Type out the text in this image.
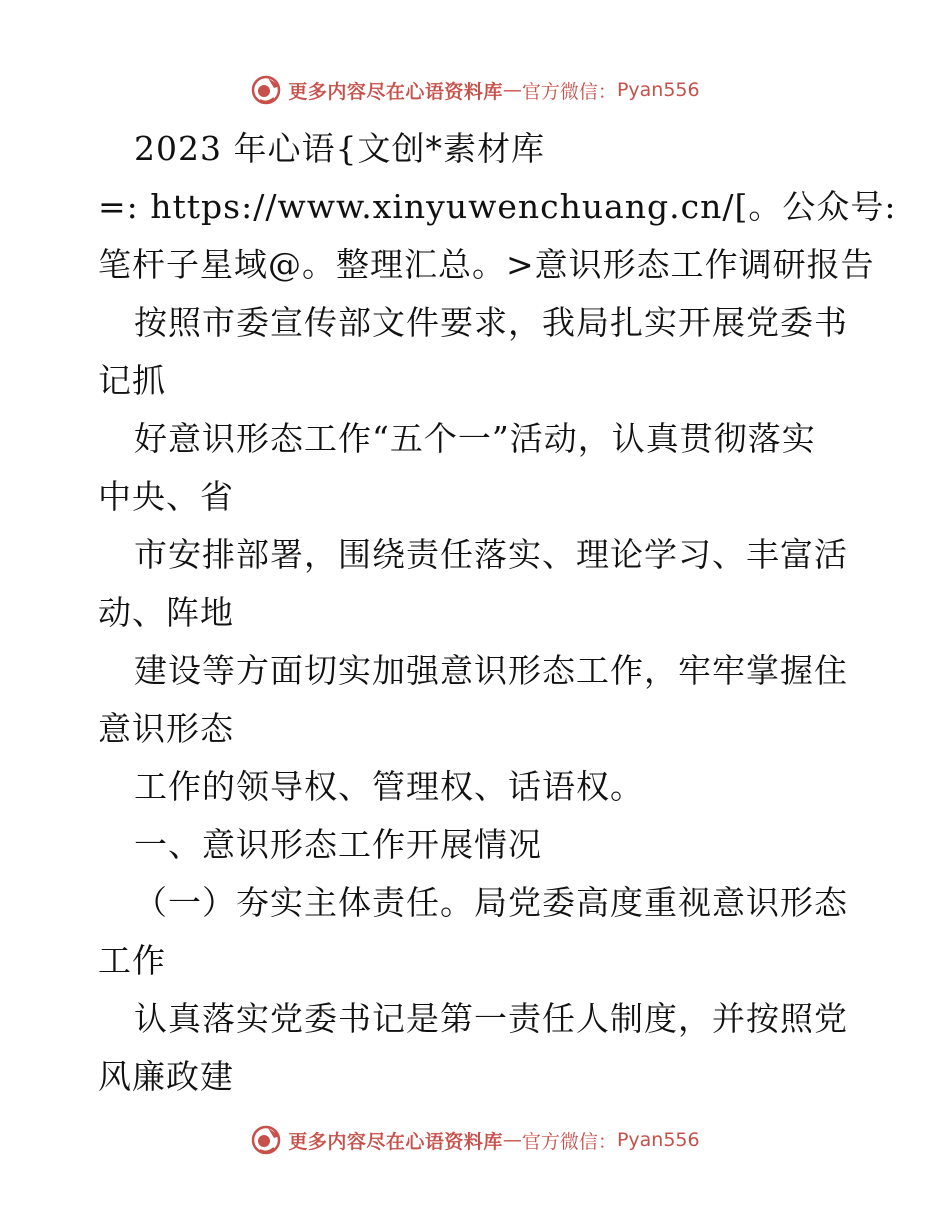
更多内容尽在心语资料库 — 官方微信： Pyan556
2023 年心语{文创*素材库
=: https://www.xinyuwenchuang.cn/[。公众号:
笔杆子星域@。整理汇总。>意识形态工作调研报告
按照市委宣传部文件要求，我局扎实开展党委书
记抓
好意识形态工作“五个一”活动，认真贯彻落实
中央、省
市安排部署，围绕责任落实、理论学习、丰富活
动、阵地
建设等方面切实加强意识形态工作，牢牢掌握住
意识形态
工作的领导权、管理权、话语权。
一、意识形态工作开展情况
（一）夯实主体责任。局党委高度重视意识形态
工作
认真落实党委书记是第一责任人制度，并按照党
风廉政建
更多内容尽在心语资料库 — 官方微信： Pyan556
